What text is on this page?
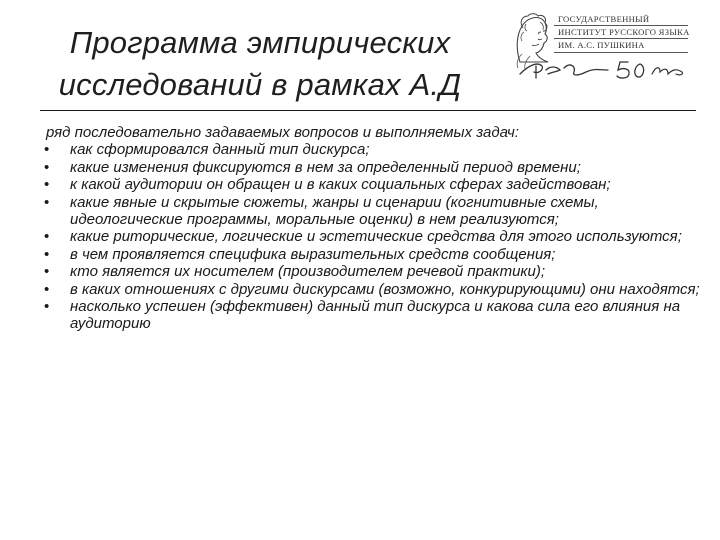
Программа эмпирических
исследований в рамках А.Д
ГОСУДАРСТВЕННЫЙ
ИНСТИТУТ РУССКОГО ЯЗЫКА
ИМ. А.С. ПУШКИНА

ряд последовательно задаваемых вопросов и выполняемых задач:

• как сформировался данный тип дискурса;
• какие изменения фиксируются в нем за определенный период времени;
• к какой аудитории он обращен и в каких социальных сферах задействован;
• какие явные и скрытые сюжеты, жанры и сценарии (когнитивные схемы, идеологические программы, моральные оценки) в нем реализуются;
• какие риторические, логические и эстетические средства для этого используются;
• в чем проявляется специфика выразительных средств сообщения;
• кто является их носителем (производителем речевой практики);
• в каких отношениях с другими дискурсами (возможно, конкурирующими) они находятся;
• насколько успешен (эффективен) данный тип дискурса и какова сила его влияния на аудиторию
